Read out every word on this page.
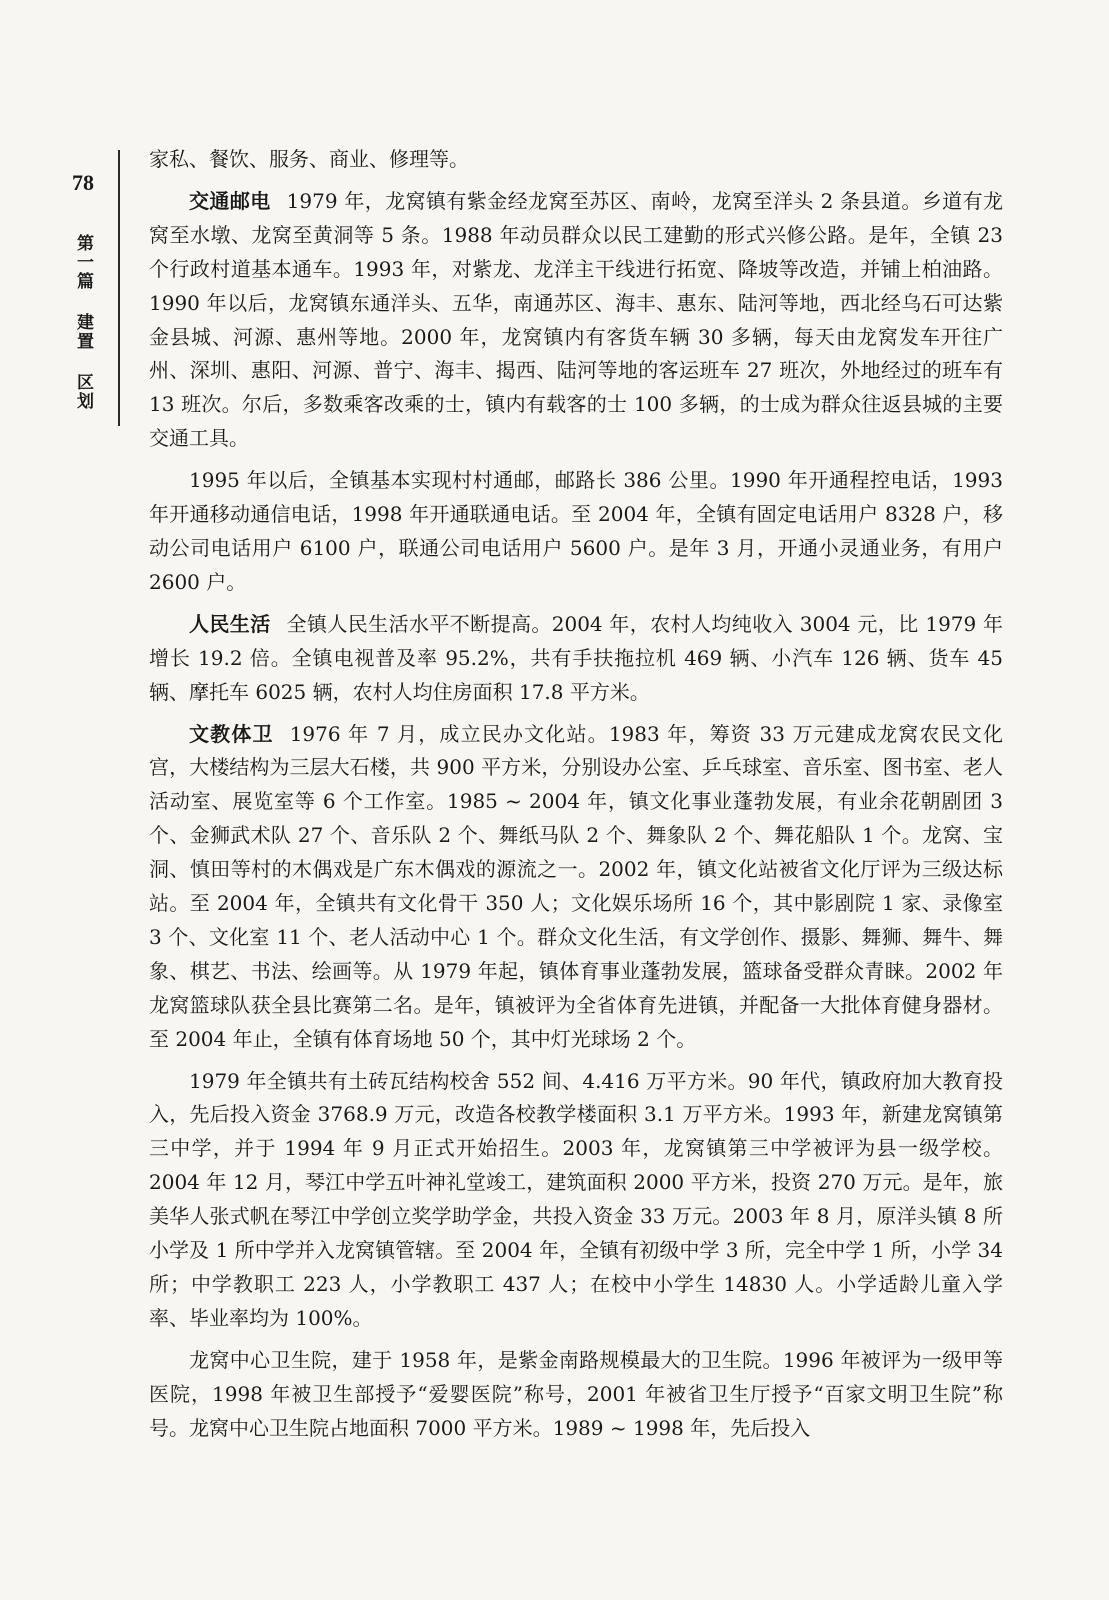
78
第一篇 建置 区划

家私、餐饮、服务、商业、修理等。

交通邮电 1979 年，龙窝镇有紫金经龙窝至苏区、南岭，龙窝至洋头 2 条县道。乡道有龙窝至水墩、龙窝至黄洞等 5 条。1988 年动员群众以民工建勤的形式兴修公路。是年，全镇 23 个行政村道基本通车。1993 年，对紫龙、龙洋主干线进行拓宽、降坡等改造，并铺上柏油路。1990 年以后，龙窝镇东通洋头、五华，南通苏区、海丰、惠东、陆河等地，西北经乌石可达紫金县城、河源、惠州等地。2000 年，龙窝镇内有客货车辆 30 多辆，每天由龙窝发车开往广州、深圳、惠阳、河源、普宁、海丰、揭西、陆河等地的客运班车 27 班次，外地经过的班车有 13 班次。尔后，多数乘客改乘的士，镇内有载客的士 100 多辆，的士成为群众往返县城的主要交通工具。

1995 年以后，全镇基本实现村村通邮，邮路长 386 公里。1990 年开通程控电话，1993 年开通移动通信电话，1998 年开通联通电话。至 2004 年，全镇有固定电话用户 8328 户，移动公司电话用户 6100 户，联通公司电话用户 5600 户。是年 3 月，开通小灵通业务，有用户 2600 户。

人民生活 全镇人民生活水平不断提高。2004 年，农村人均纯收入 3004 元，比 1979 年增长 19.2 倍。全镇电视普及率 95.2%，共有手扶拖拉机 469 辆、小汽车 126 辆、货车 45 辆、摩托车 6025 辆，农村人均住房面积 17.8 平方米。

文教体卫 1976 年 7 月，成立民办文化站。1983 年，筹资 33 万元建成龙窝农民文化宫，大楼结构为三层大石楼，共 900 平方米，分别设办公室、乒乓球室、音乐室、图书室、老人活动室、展览室等 6 个工作室。1985 ~ 2004 年，镇文化事业蓬勃发展，有业余花朝剧团 3 个、金狮武术队 27 个、音乐队 2 个、舞纸马队 2 个、舞象队 2 个、舞花船队 1 个。龙窝、宝洞、慎田等村的木偶戏是广东木偶戏的源流之一。2002 年，镇文化站被省文化厅评为三级达标站。至 2004 年，全镇共有文化骨干 350 人；文化娱乐场所 16 个，其中影剧院 1 家、录像室 3 个、文化室 11 个、老人活动中心 1 个。群众文化生活，有文学创作、摄影、舞狮、舞牛、舞象、棋艺、书法、绘画等。从 1979 年起，镇体育事业蓬勃发展，篮球备受群众青睐。2002 年龙窝篮球队获全县比赛第二名。是年，镇被评为全省体育先进镇，并配备一大批体育健身器材。至 2004 年止，全镇有体育场地 50 个，其中灯光球场 2 个。

1979 年全镇共有土砖瓦结构校舍 552 间、4.416 万平方米。90 年代，镇政府加大教育投入，先后投入资金 3768.9 万元，改造各校教学楼面积 3.1 万平方米。1993 年，新建龙窝镇第三中学，并于 1994 年 9 月正式开始招生。2003 年，龙窝镇第三中学被评为县一级学校。2004 年 12 月，琴江中学五叶神礼堂竣工，建筑面积 2000 平方米，投资 270 万元。是年，旅美华人张式帆在琴江中学创立奖学助学金，共投入资金 33 万元。2003 年 8 月，原洋头镇 8 所小学及 1 所中学并入龙窝镇管辖。至 2004 年，全镇有初级中学 3 所，完全中学 1 所，小学 34 所；中学教职工 223 人，小学教职工 437 人；在校中小学生 14830 人。小学适龄儿童入学率、毕业率均为 100%。

龙窝中心卫生院，建于 1958 年，是紫金南路规模最大的卫生院。1996 年被评为一级甲等医院，1998 年被卫生部授予“爱婴医院”称号，2001 年被省卫生厅授予“百家文明卫生院”称号。龙窝中心卫生院占地面积 7000 平方米。1989 ~ 1998 年，先后投入
